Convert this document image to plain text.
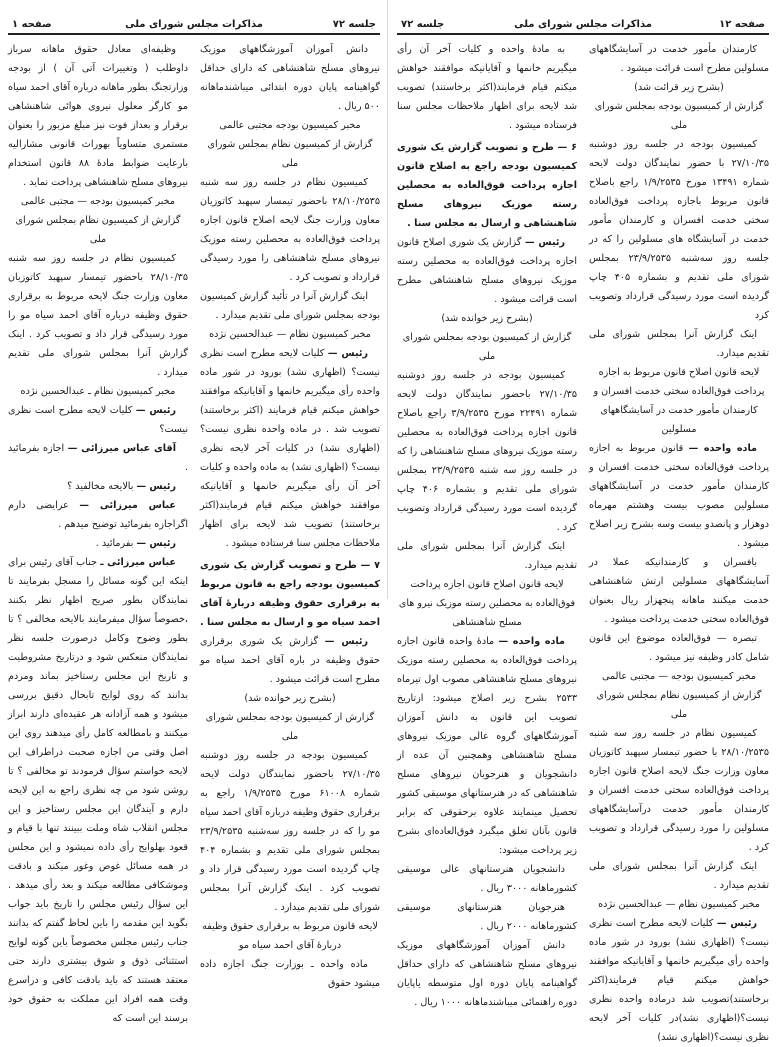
جلسه ۷۲
مذاکرات مجلس شورای ملی
صفحه ۱

دانش آموزان آموزشگاههای موزیک نیروهای مسلح شاهنشاهی که دارای حداقل گواهینامه پایان دوره ابتدائی میباشندماهانه ۵۰۰ ریال .

مخبر کمیسیون بودجه مجتبی عالمی

گزارش از کمیسیون نظام بمجلس شورای ملی

کمیسیون نظام در جلسه روز سه شنبه ۲۸/۱۰/۲۵۳۵ باحضور تیمسار سپهبد کاتوزیان معاون وزارت جنگ لایحه اصلاح قانون اجازه پرداخت فوق‌العاده به محصلین رسته موزیک نیروهای مسلح شاهنشاهی را مورد رسیدگی قرارداد و تصویب کرد .

اینک گزارش آنرا در تأئید گزارش کمیسیون بودجه بمجلس شورای ملی تقدیم میدارد .

مخبر کمیسیون نظام — عبدالحسین نژده

رئیس — کلیات لایحه مطرح است نظری نیست؟ (اظهاری نشد) بورود در شور ماده واحده رأی میگیریم خانمها و آقایانیکه موافقند خواهش میکنم قیام فرمایند (اکثر برخاستند) تصویب شد . در ماده واحده نظری نیست؟(اظهاری نشد) در کلیات آخر لایحه نظری نیست؟ (اظهاری نشد) به ماده واحده و کلیات آخر آن رأی میگیریم خانمها و آقایانیکه موافقند خواهش میکنم قیام فرمایند(اکثر برخاستند) تصویب شد لایحه برای اظهار ملاحظات مجلس سنا فرستاده میشود .

۷ — طرح و تصویب گزارش یک شوری کمیسیون بودجه راجع به قانون مربوط به برقراری حقوق وظیفه دربارهٔ آقای احمد سیاه مو و ارسال به مجلس سنا .

رئیس — گزارش یک شوری برقراری حقوق وظیفه در باره آقای احمد سیاه مو مطرح است قرائت میشود .

(بشرح زیر خوانده شد)

گزارش از کمیسیون بودجه بمجلس شورای ملی

کمیسیون بودجه در جلسه روز دوشنبه ۲۷/۱۰/۳۵ باحضور نمایندگان دولت لایحه شماره ۶۱۰۰۸ مورخ ۱/۹/۲۵۳۵ راجع به برقراری حقوق وظیفه درباره آقای احمد سیاه مو را که در جلسه روز سه‌شنبه ۲۳/۹/۲۵۳۵ بمجلس شورای ملی تقدیم و بشماره ۴۰۴ چاپ گردیده است مورد رسیدگی قرار داد و تصویب کرد . اینک گزارش آنرا بمجلس شورای ملی تقدیم میدارد .

لایحه قانون مربوط به برقراری حقوق وظیفه دربارهٔ آقای احمد سیاه مو

ماده واحده ـ بوزارت جنگ اجازه داده میشود حقوق

وظیفه‌ای معادل حقوق ماهانه سرباز داوطلب ( وتغییرات آتی آن ) از بودجه وزارتجنگ بطور ماهانه درباره آقای احمد سیاه مو کارگر معلول نیروی هوائی شاهنشاهی برقرار و بعداز فوت نیز مبلغ مزبور را بعنوان مستمری متساویاً بهوراث قانونی مشارالیه بارعایت ضوابط مادهٔ ۸۸ قانون استخدام نیروهای مسلح شاهنشاهی پرداخت نماید .

مخبر کمیسیون بودجه — مجتبی عالمی

گزارش از کمیسیون نظام بمجلس شورای ملی

کمیسیون نظام در جلسه روز سه شنبه ۲۸/۱۰/۳۵ باحضور تیمسار سپهبد کاتوزیان معاون وزارت جنگ لایحه مربوط به برقراری حقوق وظیفه درباره آقای احمد سیاه مو را مورد رسیدگی قرار داد و تصویب کرد . اینک گزارش آنرا بمجلس شورای ملی تقدیم میدارد .

مخبر کمیسیون نظام ـ عبدالحسین نژده

رئیس — کلیات لایحه مطرح است نظری نیست؟

آقای عباس میرزائی — اجازه بفرمائید .

رئیس — بالایحه مخالفید ؟

عباس میرزائی — عرایضی دارم اگراجازه بفرمائید توضیح میدهم .

رئیس — بفرمائید .

عباس میرزائی ـ جناب آقای رئیس برای اینکه این گونه مسائل را مسجل بفرمایند تا نمایندگان بطور صریح اظهار نظر بکنند ،خصوصاً سؤال میفرمایند بالایحه مخالفی ؟ تا بطور وضوح وکامل درصورت جلسه نظر نمایندگان منعکس شود و درتاریخ مشروطیت و تاریخ این مجلس رستاخیز بماند ومردم بدانند که روی لوایح تابحال دقیق بررسی میشود و همه آزادانه هر عقیده‌ای دارند ابراز میکنند و بامطالعه کامل رأی میدهند روی این اصل وقتی من اجازه صحبت دراطراف این لایحه خواستم سؤال فرمودند تو مخالفی ؟ تا روشن شود من چه نظری راجع به این لایحه دارم و آیندگان این مجلس رستاخیز و این مجلس انقلاب شاه وملت ببینند تنها با قیام و قعود بهلوایح رأی داده نمیشود و این مجلس در همه مسائل غوص وغور میکند و بادقت وموشکافی مطالعه میکند و بعد رأی میدهد . این سؤال رئیس مجلس را تاریخ باید جواب بگوید این مقدمه را باین لحاظ گفتم که بدانند جناب رئیس مجلس مخصوصاً باین گونه لوایح استثنائی ذوق و شوق بیشتری دارند حتی معتقد هستند که باید بادقت کافی و دراسرع وقت همه افراد این مملکت به حقوق خود برسند این است که

جلسه ۷۲	مذاکرات مجلس شورای ملی	صفحه ۱۲

کارمندان مأمور خدمت در آسایشگاههای مسلولین مطرح است قرائت میشود .

(بشرح زیر قرائت شد)

گزارش از کمیسیون بودجه بمجلس شورای ملی

کمیسیون بودجه در جلسه روز دوشنبه ۲۷/۱۰/۳۵ با حضور نمایندگان دولت لایحه شماره ۱۳۴۹۱ مورخ ۱/۹/۲۵۳۵ راجع باصلاح قانون مربوط باجازه پرداخت فوق‌العاده سختی خدمت افسران و کارمندان مأمور خدمت در آسایشگاه های مسلولین را که در جلسه روز سه‌شنبه ۲۳/۹/۲۵۳۵ بمجلس شورای ملی تقدیم و بشماره ۴۰۵ چاپ گردیده است مورد رسیدگی قرارداد وتصویب کرد

اینک گزارش آنرا بمجلس شورای ملی تقدیم میدارد.

لایحه قانون اصلاح قانون مربوط به اجازه پرداخت فوق‌العاده سختی خدمت افسران و کارمندان مأمور خدمت در آسایشگاههای مسلولین

ماده واحده — قانون مربوط به اجازه پرداخت فوق‌العاده سختی خدمت افسران و کارمندان مأمور خدمت در آسایشگاههای مسلولین مصوب بیست وهشتم مهرماه دوهزار و پانصدو بیست وسه بشرح زیر اصلاح میشود .

بافسران و کارمندانیکه عملا در آسایشگاههای مسلولین ارتش شاهنشاهی خدمت میکنند ماهانه پنجهزار ریال بعنوان فوق‌العاده سختی خدمت پرداخت میشود .

تبصره — فوق‌العاده موضوع این قانون شامل کادر وظیفه نیز میشود .

مخبر کمیسیون بودجه — مجتبی عالمی

گزارش از کمیسیون نظام بمجلس شورای ملی

کمیسیون نظام در جلسه روز سه شنبه ۲۸/۱۰/۲۵۳۵ با حضور تیمسار سپهبد کاتوزیان معاون وزارت جنگ لایحه اصلاح قانون اجازه پرداخت فوق‌العاده سختی خدمت افسران و کارمندان مأمور خدمت درآسایشگاههای مسلولین را مورد رسیدگی قرارداد و تصویب کرد .

اینک گزارش آنرا بمجلس شورای ملی تقدیم میدارد .

مخبر کمیسیون نظام — عبدالحسین نژده

رئیس — کلیات لایحه مطرح است نظری نیست؟ (اظهاری نشد) بورود در شور ماده واحده رأی میگیریم خانمها و آقایانیکه موافقند خواهش میکنم قیام فرمایند(اکثر برخاستند)تصویب شد درماده واحده نظری نیست؟(اظهاری نشد)در کلیات آخر لایحه نظری نیست؟(اظهاری نشد)

به مادهٔ واحده و کلیات آخر آن رأی میگیریم خانمها و آقایانیکه موافقند خواهش میکنم قیام فرمایند(اکثر برخاستند) تصویب شد لایحه برای اظهار ملاحظات مجلس سنا فرستاده میشود .

۶ — طرح و تصویب گزارش یک شوری کمیسیون بودجه راجع به اصلاح قانون اجازه پرداخت فوق‌العاده به محصلین رسته موزیک نیروهای مسلح شاهنشاهی و ارسال به مجلس سنا .

رئیس — گزارش یک شوری اصلاح قانون اجازه پرداخت فوق‌العاده به محصلین رسته موزیک نیروهای مسلح شاهنشاهی مطرح است قرائت میشود .

(بشرح زیر خوانده شد)

گزارش از کمیسیون بودجه بمجلس شورای ملی

کمیسیون بودجه در جلسه روز دوشنبه ۲۷/۱۰/۳۵ باحضور نمایندگان دولت لایحه شماره ۲۲۴۹۱ مورخ ۳/۹/۲۵۳۵ راجع باصلاح قانون اجازه پرداخت فوق‌العاده به محصلین رسته موزیک نیروهای مسلح شاهنشاهی را که در جلسه روز سه شنبه ۲۳/۹/۲۵۳۵ بمجلس شورای ملی تقدیم و بشماره ۴۰۶ چاپ گردیده است مورد رسیدگی قرارداد وتصویب کرد .

اینک گزارش آنرا بمجلس شورای ملی تقدیم میدارد.

لایحه قانون اصلاح قانون اجازه پرداخت فوق‌العاده به محصلین رسته موزیک نیرو های مسلح شاهنشاهی

ماده واحده — مادهٔ واحده قانون اجازه پرداخت فوق‌العاده به محصلین رسته موزیک نیروهای مسلح شاهنشاهی مصوب اول تیرماه ۲۵۳۳ بشرح زیر اصلاح میشود: ازتاریخ تصویب این قانون به دانش آموزان آموزشگاههای گروه عالی موزیک نیروهای مسلح شاهنشاهی وهمچنین آن عده از دانشجویان و هنرجویان نیروهای مسلح شاهنشاهی که در هنرستانهای موسیقی کشور تحصیل مینمایند علاوه برحقوقی که برابر قانون بآنان تعلق میگیرد فوق‌العاده‌ای بشرح زیر پرداخت میشود:

دانشجویان هنرستانهای عالی موسیقی کشورماهانه ۳۰۰۰ ریال .

هنرجویان هنرستانهای موسیقی کشورماهانه ۲۰۰۰ ریال .

دانش آموزان آموزشگاههای موزیک نیروهای مسلح شاهنشاهی که دارای حداقل گواهینامه پایان دوره اول متوسطه یاپایان دوره راهنمائی میباشندماهانه ۱۰۰۰ ریال .
